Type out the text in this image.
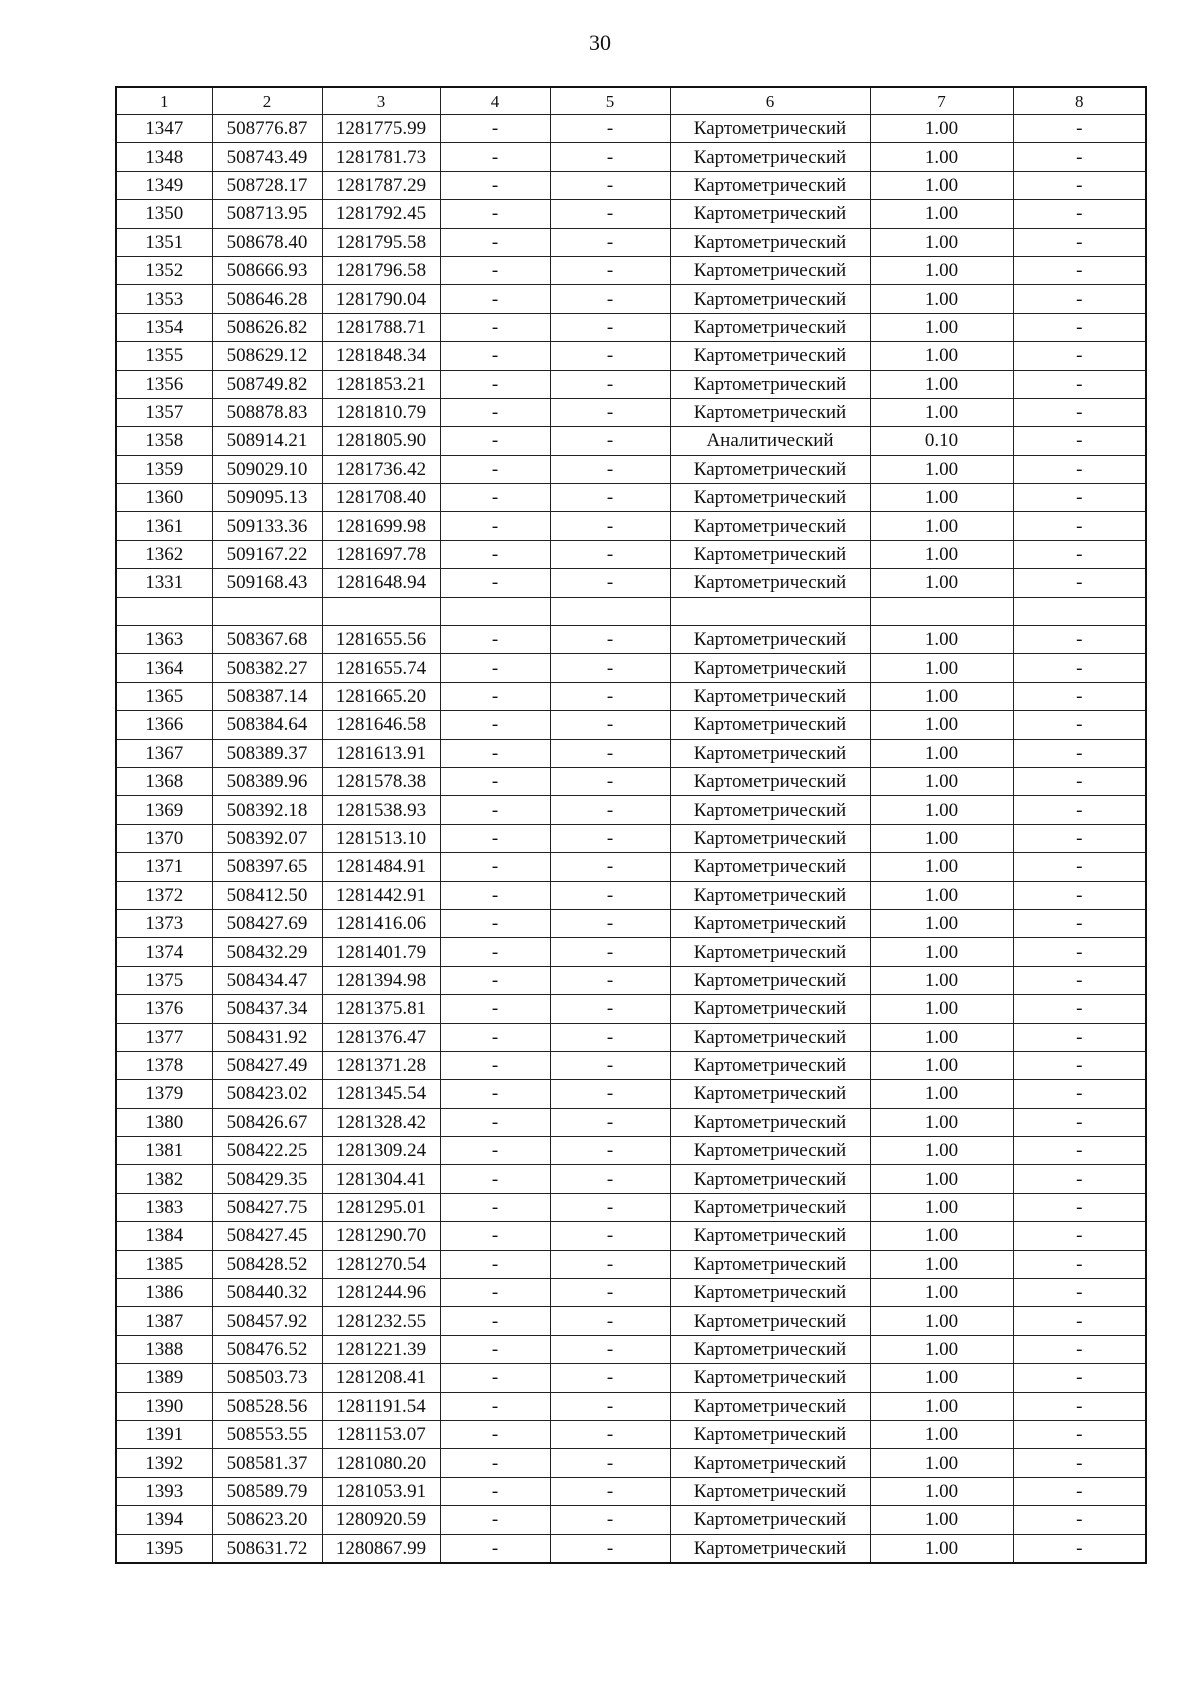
30
1	2	3	4	5	6	7	8
1347	508776.87	1281775.99	-	-	Картометрический	1.00	-
1348	508743.49	1281781.73	-	-	Картометрический	1.00	-
1349	508728.17	1281787.29	-	-	Картометрический	1.00	-
1350	508713.95	1281792.45	-	-	Картометрический	1.00	-
1351	508678.40	1281795.58	-	-	Картометрический	1.00	-
1352	508666.93	1281796.58	-	-	Картометрический	1.00	-
1353	508646.28	1281790.04	-	-	Картометрический	1.00	-
1354	508626.82	1281788.71	-	-	Картометрический	1.00	-
1355	508629.12	1281848.34	-	-	Картометрический	1.00	-
1356	508749.82	1281853.21	-	-	Картометрический	1.00	-
1357	508878.83	1281810.79	-	-	Картометрический	1.00	-
1358	508914.21	1281805.90	-	-	Аналитический	0.10	-
1359	509029.10	1281736.42	-	-	Картометрический	1.00	-
1360	509095.13	1281708.40	-	-	Картометрический	1.00	-
1361	509133.36	1281699.98	-	-	Картометрический	1.00	-
1362	509167.22	1281697.78	-	-	Картометрический	1.00	-
1331	509168.43	1281648.94	-	-	Картометрический	1.00	-

1363	508367.68	1281655.56	-	-	Картометрический	1.00	-
1364	508382.27	1281655.74	-	-	Картометрический	1.00	-
1365	508387.14	1281665.20	-	-	Картометрический	1.00	-
1366	508384.64	1281646.58	-	-	Картометрический	1.00	-
1367	508389.37	1281613.91	-	-	Картометрический	1.00	-
1368	508389.96	1281578.38	-	-	Картометрический	1.00	-
1369	508392.18	1281538.93	-	-	Картометрический	1.00	-
1370	508392.07	1281513.10	-	-	Картометрический	1.00	-
1371	508397.65	1281484.91	-	-	Картометрический	1.00	-
1372	508412.50	1281442.91	-	-	Картометрический	1.00	-
1373	508427.69	1281416.06	-	-	Картометрический	1.00	-
1374	508432.29	1281401.79	-	-	Картометрический	1.00	-
1375	508434.47	1281394.98	-	-	Картометрический	1.00	-
1376	508437.34	1281375.81	-	-	Картометрический	1.00	-
1377	508431.92	1281376.47	-	-	Картометрический	1.00	-
1378	508427.49	1281371.28	-	-	Картометрический	1.00	-
1379	508423.02	1281345.54	-	-	Картометрический	1.00	-
1380	508426.67	1281328.42	-	-	Картометрический	1.00	-
1381	508422.25	1281309.24	-	-	Картометрический	1.00	-
1382	508429.35	1281304.41	-	-	Картометрический	1.00	-
1383	508427.75	1281295.01	-	-	Картометрический	1.00	-
1384	508427.45	1281290.70	-	-	Картометрический	1.00	-
1385	508428.52	1281270.54	-	-	Картометрический	1.00	-
1386	508440.32	1281244.96	-	-	Картометрический	1.00	-
1387	508457.92	1281232.55	-	-	Картометрический	1.00	-
1388	508476.52	1281221.39	-	-	Картометрический	1.00	-
1389	508503.73	1281208.41	-	-	Картометрический	1.00	-
1390	508528.56	1281191.54	-	-	Картометрический	1.00	-
1391	508553.55	1281153.07	-	-	Картометрический	1.00	-
1392	508581.37	1281080.20	-	-	Картометрический	1.00	-
1393	508589.79	1281053.91	-	-	Картометрический	1.00	-
1394	508623.20	1280920.59	-	-	Картометрический	1.00	-
1395	508631.72	1280867.99	-	-	Картометрический	1.00	-
